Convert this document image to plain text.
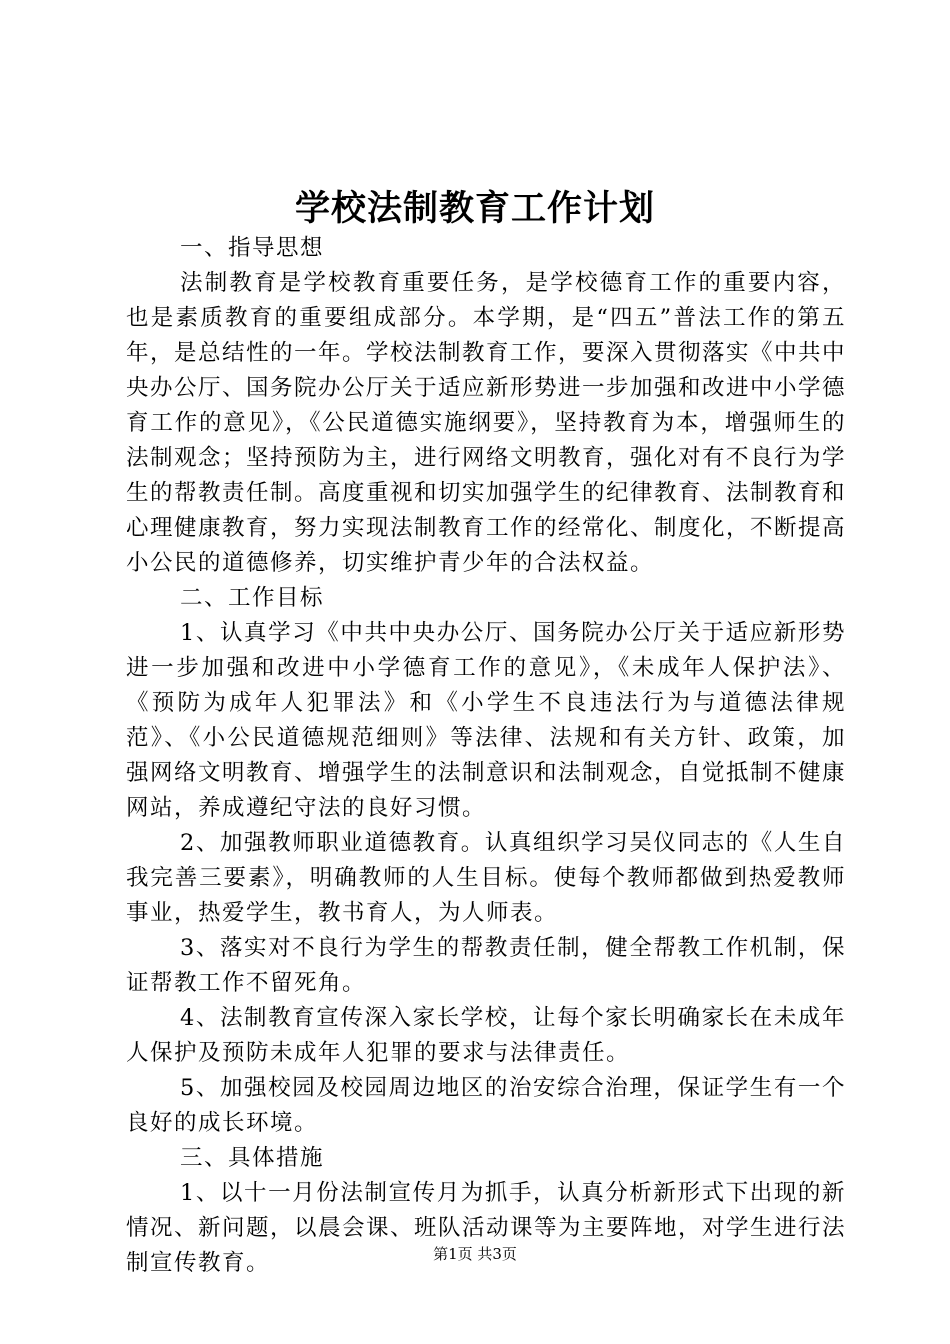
学校法制教育工作计划

一、指导思想

法制教育是学校教育重要任务，是学校德育工作的重要内容，也是素质教育的重要组成部分。本学期，是“四五”普法工作的第五年，是总结性的一年。学校法制教育工作，要深入贯彻落实《中共中央办公厅、国务院办公厅关于适应新形势进一步加强和改进中小学德育工作的意见》，《公民道德实施纲要》，坚持教育为本，增强师生的法制观念；坚持预防为主，进行网络文明教育，强化对有不良行为学生的帮教责任制。高度重视和切实加强学生的纪律教育、法制教育和心理健康教育，努力实现法制教育工作的经常化、制度化，不断提高小公民的道德修养，切实维护青少年的合法权益。

二、工作目标

1、认真学习《中共中央办公厅、国务院办公厅关于适应新形势进一步加强和改进中小学德育工作的意见》，《未成年人保护法》、《预防为成年人犯罪法》和《小学生不良违法行为与道德法律规范》、《小公民道德规范细则》等法律、法规和有关方针、政策，加强网络文明教育、增强学生的法制意识和法制观念，自觉抵制不健康网站，养成遵纪守法的良好习惯。

2、加强教师职业道德教育。认真组织学习吴仪同志的《人生自我完善三要素》，明确教师的人生目标。使每个教师都做到热爱教师事业，热爱学生，教书育人，为人师表。

3、落实对不良行为学生的帮教责任制，健全帮教工作机制，保证帮教工作不留死角。

4、法制教育宣传深入家长学校，让每个家长明确家长在未成年人保护及预防未成年人犯罪的要求与法律责任。

5、加强校园及校园周边地区的治安综合治理，保证学生有一个良好的成长环境。

三、具体措施

1、以十一月份法制宣传月为抓手，认真分析新形式下出现的新情况、新问题，以晨会课、班队活动课等为主要阵地，对学生进行法制宣传教育。	第1页 共3页
